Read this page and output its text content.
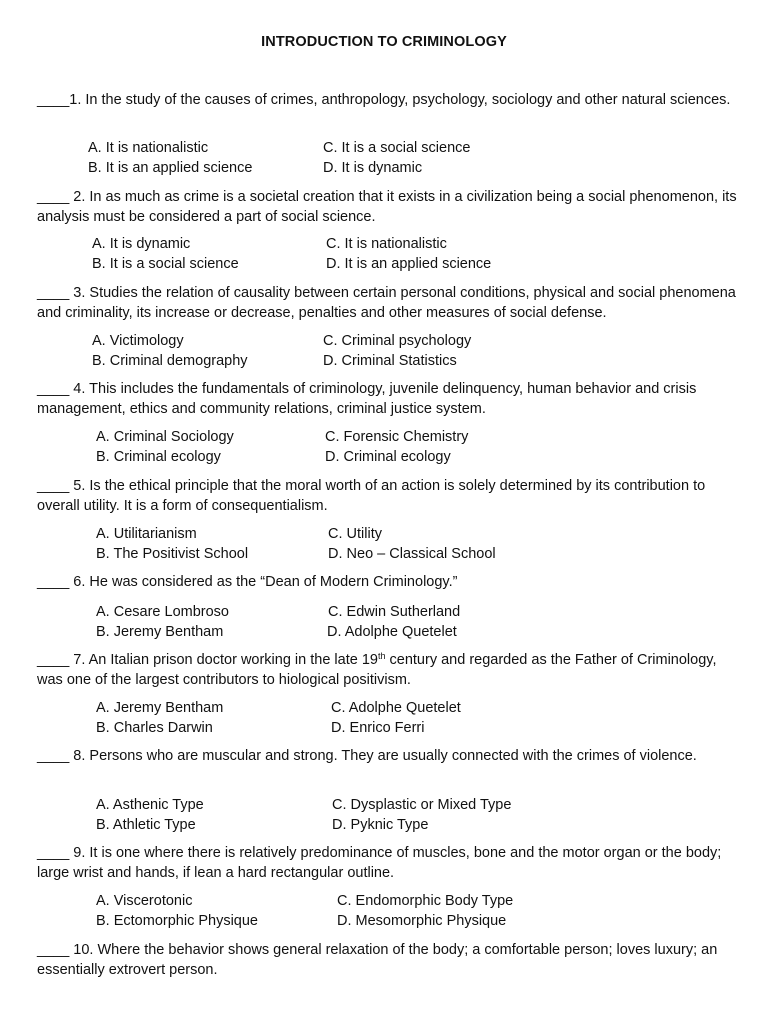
INTRODUCTION TO CRIMINOLOGY
____1. In the study of the causes of crimes, anthropology, psychology, sociology and other natural sciences.
A. It is nationalistic
B. It is an applied science
C. It is a social science
D. It is dynamic
____ 2. In as much as crime is a societal creation that it exists in a civilization being a social phenomenon, its analysis must be considered a part of social science.
A. It is dynamic
B. It is a social science
C. It is nationalistic
D. It is an applied science
____ 3. Studies the relation of causality between certain personal conditions, physical and social phenomena and criminality, its increase or decrease, penalties and other measures of social defense.
A. Victimology
B. Criminal demography
C. Criminal psychology
D. Criminal Statistics
____ 4. This includes the fundamentals of criminology, juvenile delinquency, human behavior and crisis management, ethics and community relations, criminal justice system.
A. Criminal Sociology
B. Criminal ecology
C. Forensic Chemistry
D. Criminal ecology
____ 5. Is the ethical principle that the moral worth of an action is solely determined by its contribution to overall utility. It is a form of consequentialism.
A. Utilitarianism
B. The Positivist School
C. Utility
D. Neo – Classical School
____ 6. He was considered as the “Dean of Modern Criminology.”
A. Cesare Lombroso
B. Jeremy Bentham
C. Edwin Sutherland
D. Adolphe Quetelet
____ 7. An Italian prison doctor working in the late 19th century and regarded as the Father of Criminology, was one of the largest contributors to hiological positivism.
A. Jeremy Bentham
B. Charles Darwin
C. Adolphe Quetelet
D. Enrico Ferri
____ 8. Persons who are muscular and strong. They are usually connected with the crimes of violence.
A. Asthenic Type
B. Athletic Type
C. Dysplastic or Mixed Type
D. Pyknic Type
____ 9. It is one where there is relatively predominance of muscles, bone and the motor organ or the body; large wrist and hands, if lean a hard rectangular outline.
A. Viscerotonic
B. Ectomorphic Physique
C. Endomorphic Body Type
D. Mesomorphic Physique
____ 10. Where the behavior shows general relaxation of the body; a comfortable person; loves luxury; an essentially extrovert person.
